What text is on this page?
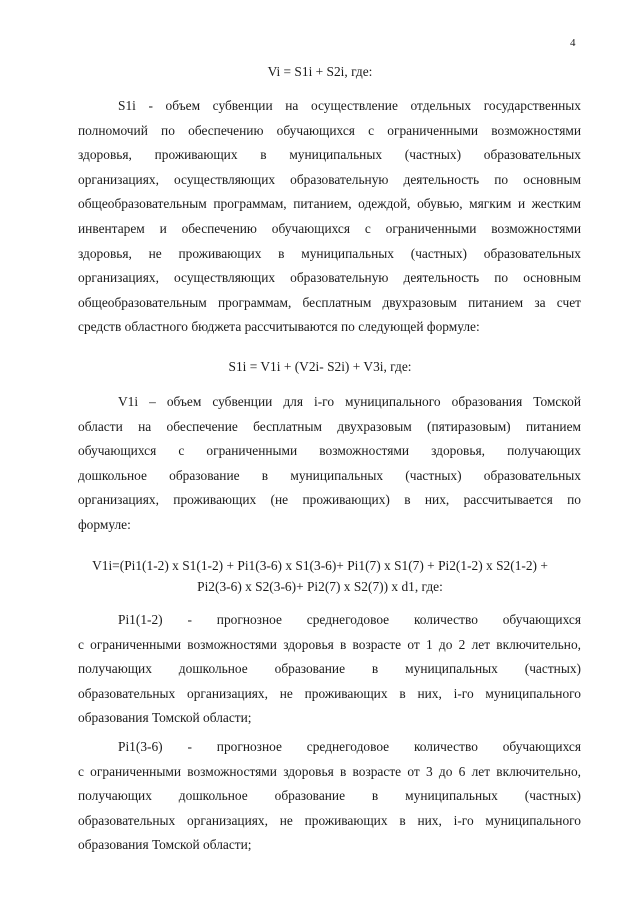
4
Vi = S1i + S2i, где:
S1i - объем субвенции на осуществление отдельных государственных
полномочий по обеспечению обучающихся с ограниченными возможностями
здоровья, проживающих в муниципальных (частных) образовательных
организациях, осуществляющих образовательную деятельность по основным
общеобразовательным программам, питанием, одеждой, обувью, мягким и жестким
инвентарем и обеспечению обучающихся с ограниченными возможностями
здоровья, не проживающих в муниципальных (частных) образовательных
организациях, осуществляющих образовательную деятельность по основным
общеобразовательным программам, бесплатным двухразовым питанием за счет
средств областного бюджета рассчитываются по следующей формуле:
S1i = V1i + (V2i- S2i) + V3i, где:
V1i – объем субвенции для i-го муниципального образования Томской
области на обеспечение бесплатным двухразовым (пятиразовым) питанием
обучающихся с ограниченными возможностями здоровья, получающих
дошкольное образование в муниципальных (частных) образовательных
организациях, проживающих (не проживающих) в них, рассчитывается по
формуле:
V1i=(Pi1(1-2) x S1(1-2) + Pi1(3-6) x S1(3-6)+ Pi1(7) x S1(7) + Pi2(1-2) x S2(1-2) +
Pi2(3-6) x S2(3-6)+ Pi2(7) x S2(7)) x d1, где:
Pi1(1-2) - прогнозное среднегодовое количество обучающихся
с ограниченными возможностями здоровья в возрасте от 1 до 2 лет включительно,
получающих дошкольное образование в муниципальных (частных)
образовательных организациях, не проживающих в них, i-го муниципального
образования Томской области;
Pi1(3-6) - прогнозное среднегодовое количество обучающихся
с ограниченными возможностями здоровья в возрасте от 3 до 6 лет включительно,
получающих дошкольное образование в муниципальных (частных)
образовательных организациях, не проживающих в них, i-го муниципального
образования Томской области;
